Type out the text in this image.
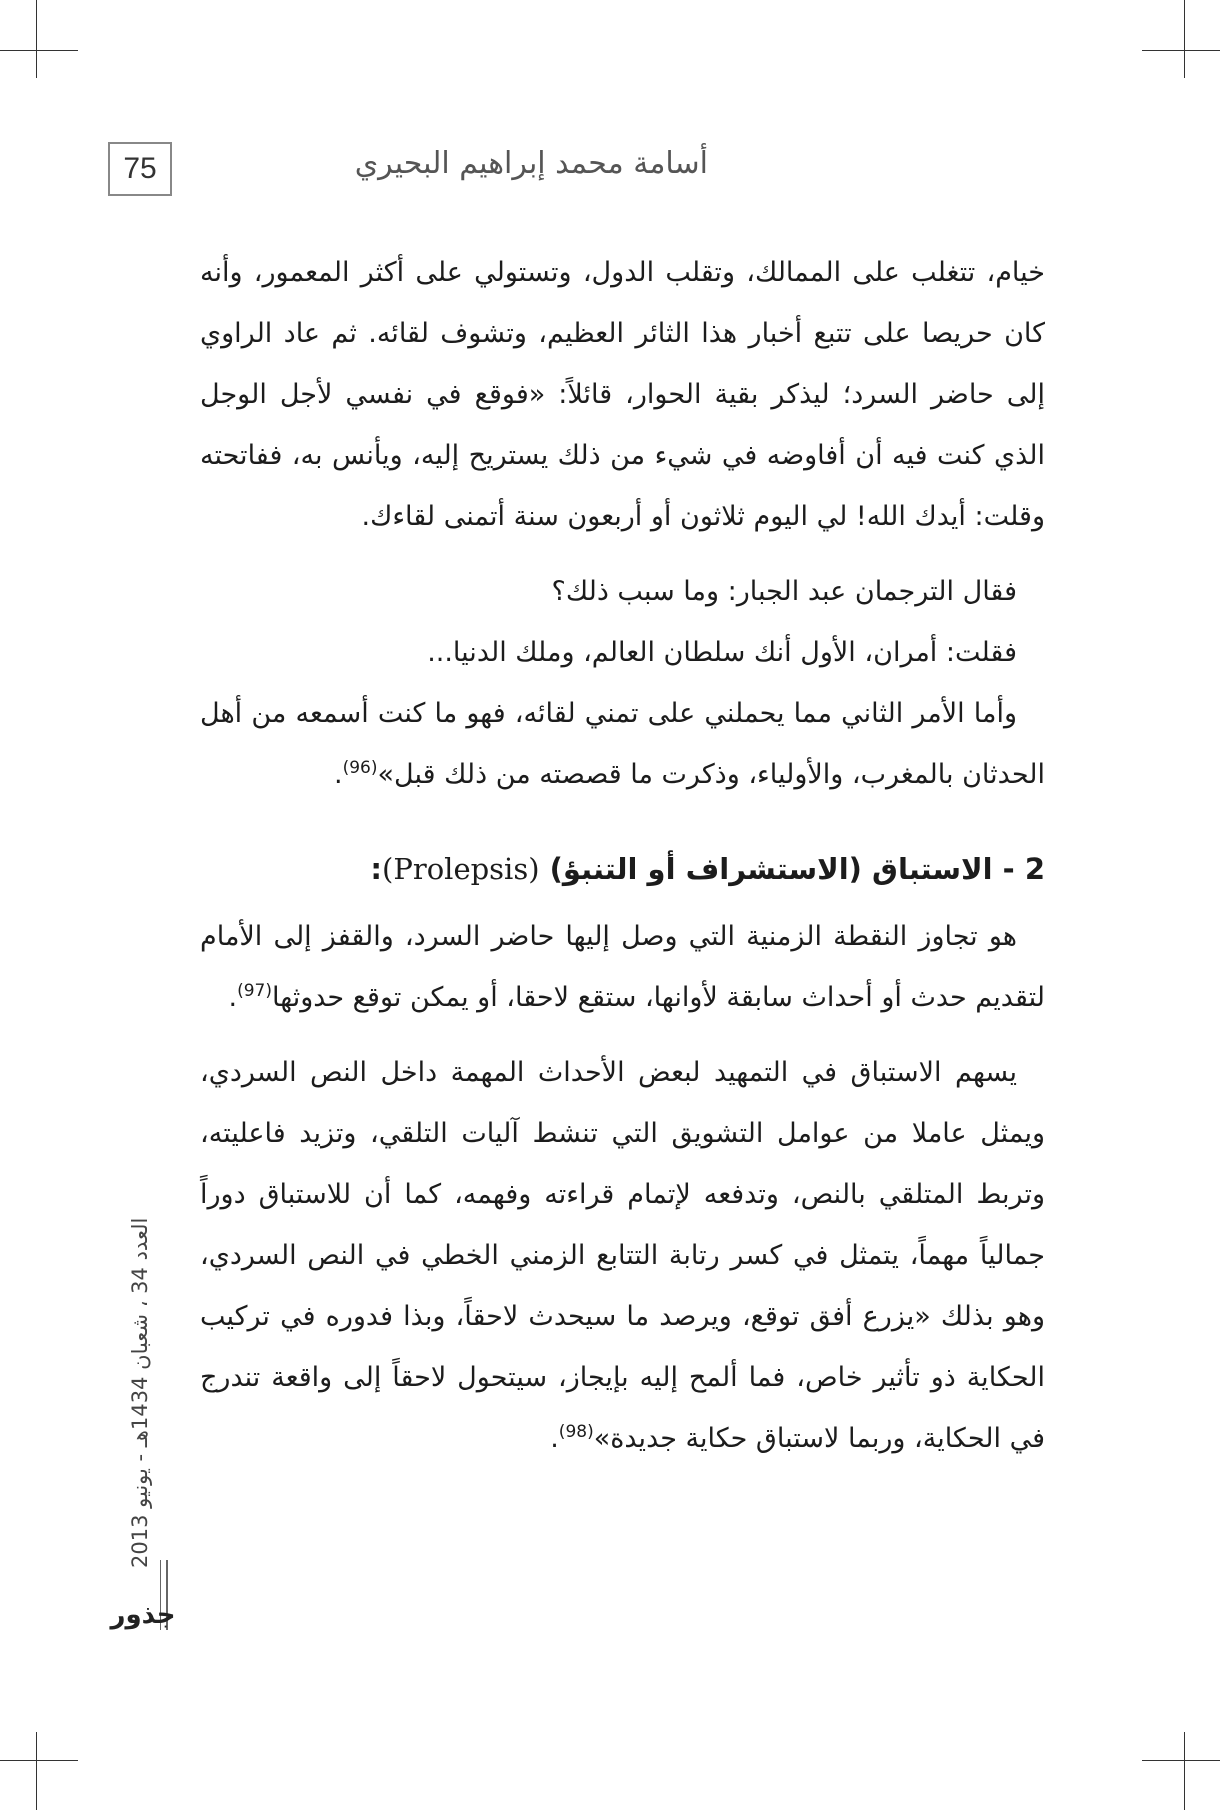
75	أسامة محمد إبراهيم البحيري

خيام، تتغلب على الممالك، وتقلب الدول، وتستولي على أكثر المعمور، وأنه كان حريصا على تتبع أخبار هذا الثائر العظيم، وتشوف لقائه. ثم عاد الراوي إلى حاضر السرد؛ ليذكر بقية الحوار، قائلاً: «فوقع في نفسي لأجل الوجل الذي كنت فيه أن أفاوضه في شيء من ذلك يستريح إليه، ويأنس به، ففاتحته وقلت: أيدك الله! لي اليوم ثلاثون أو أربعون سنة أتمنى لقاءك.

فقال الترجمان عبد الجبار: وما سبب ذلك؟

فقلت: أمران، الأول أنك سلطان العالم، وملك الدنيا...

وأما الأمر الثاني مما يحملني على تمني لقائه، فهو ما كنت أسمعه من أهل الحدثان بالمغرب، والأولياء، وذكرت ما قصصته من ذلك قبل»$^{(96)}$.

2 - الاستباق (الاستشراف أو التنبؤ) (Prolepsis):

هو تجاوز النقطة الزمنية التي وصل إليها حاضر السرد، والقفز إلى الأمام لتقديم حدث أو أحداث سابقة لأوانها، ستقع لاحقا، أو يمكن توقع حدوثها$^{(97)}$.

يسهم الاستباق في التمهيد لبعض الأحداث المهمة داخل النص السردي، ويمثل عاملا من عوامل التشويق التي تنشط آليات التلقي، وتزيد فاعليته، وتربط المتلقي بالنص، وتدفعه لإتمام قراءته وفهمه، كما أن للاستباق دوراً جمالياً مهماً، يتمثل في كسر رتابة التتابع الزمني الخطي في النص السردي، وهو بذلك «يزرع أفق توقع، ويرصد ما سيحدث لاحقاً، وبذا فدوره في تركيب الحكاية ذو تأثير خاص، فما ألمح إليه بإيجاز، سيتحول لاحقاً إلى واقعة تندرج في الحكاية، وربما لاستباق حكاية جديدة»$^{(98)}$.

العدد 34 ، شعبان 1434هـ - يونيو 2013
جذور
